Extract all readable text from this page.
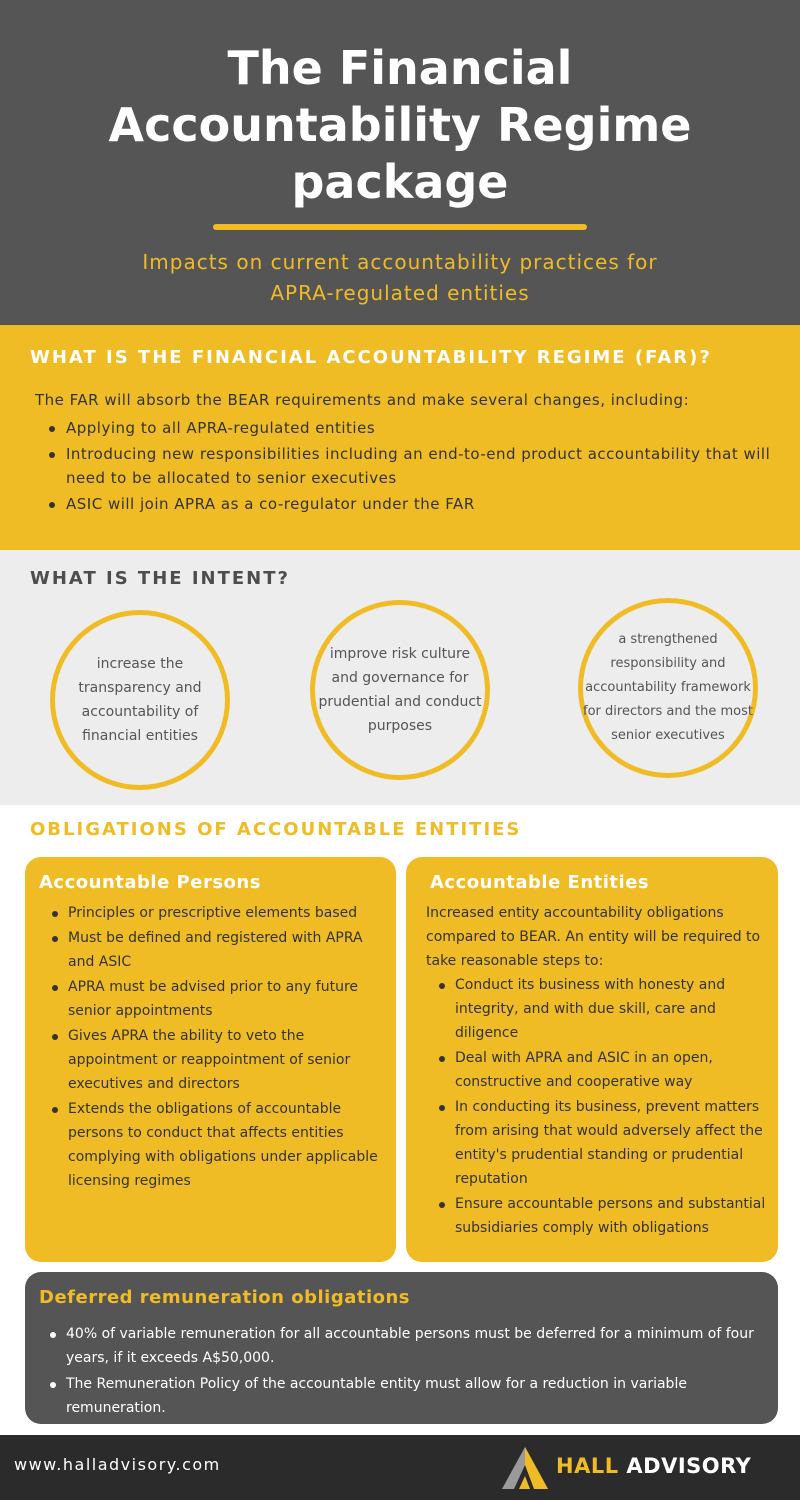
The Financial
Accountability Regime
package

Impacts on current accountability practices for
APRA-regulated entities

WHAT IS THE FINANCIAL ACCOUNTABILITY REGIME (FAR)?

The FAR will absorb the BEAR requirements and make several changes, including:

Applying to all APRA-regulated entities
Introducing new responsibilities including an end-to-end product accountability that will need to be allocated to senior executives
ASIC will join APRA as a co-regulator under the FAR
WHAT IS THE INTENT?
increase the transparency and accountability of financial entities
improve risk culture and governance for prudential and conduct purposes
a strengthened responsibility and accountability framework for directors and the most senior executives
OBLIGATIONS OF ACCOUNTABLE ENTITIES
Accountable Persons
Principles or prescriptive elements based
Must be defined and registered with APRA and ASIC
APRA must be advised prior to any future senior appointments
Gives APRA the ability to veto the appointment or reappointment of senior executives and directors
Extends the obligations of accountable persons to conduct that affects entities complying with obligations under applicable licensing regimes
Accountable Entities

Increased entity accountability obligations compared to BEAR. An entity will be required to take reasonable steps to:

Conduct its business with honesty and integrity, and with due skill, care and diligence
Deal with APRA and ASIC in an open, constructive and cooperative way
In conducting its business, prevent matters from arising that would adversely affect the entity's prudential standing or prudential reputation
Ensure accountable persons and substantial subsidiaries comply with obligations
Deferred remuneration obligations
40% of variable remuneration for all accountable persons must be deferred for a minimum of four years, if it exceeds A$50,000.
The Remuneration Policy of the accountable entity must allow for a reduction in variable remuneration.
www.halladvisory.com	HALL ADVISORY
